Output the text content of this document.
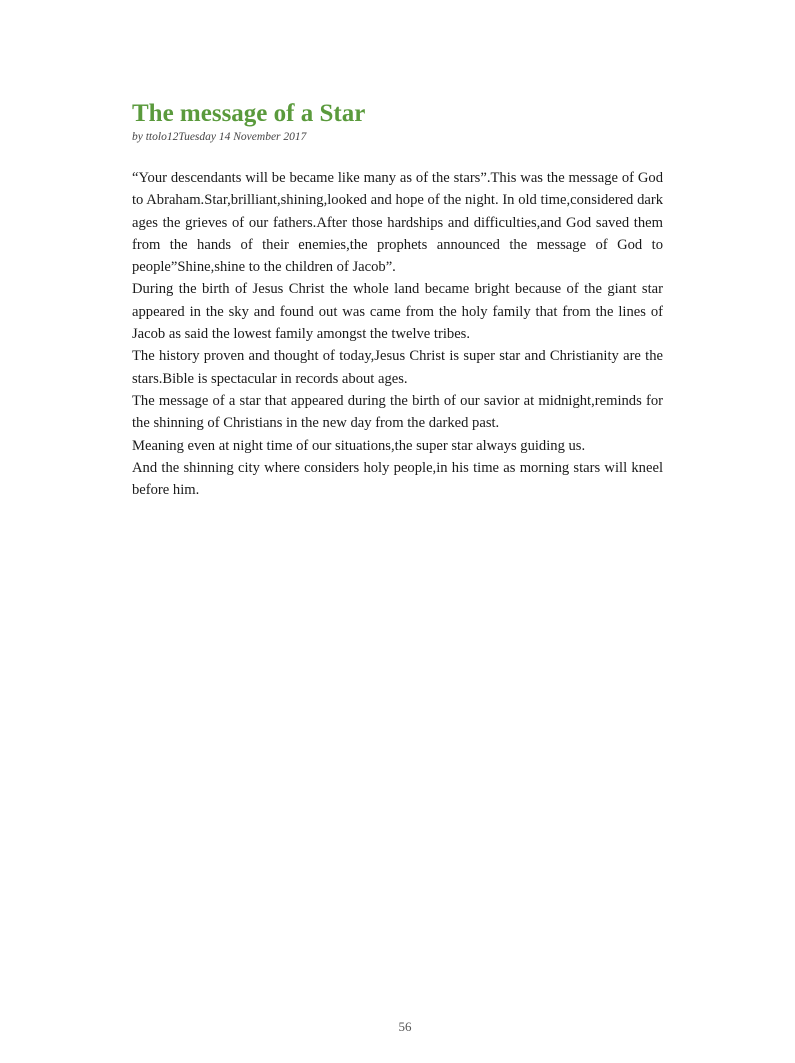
The message of a Star
by ttolo12Tuesday 14 November 2017

“Your descendants will be became like many as of the stars”.This was the message of God to Abraham.Star,brilliant,shining,looked and hope of the night. In old time,considered dark ages the grieves of our fathers.After those hardships and difficulties,and God saved them from the hands of their enemies,the prophets announced the message of God to people”Shine,shine to the children of Jacob”.

During the birth of Jesus Christ the whole land became bright because of the giant star appeared in the sky and found out was came from the holy family that from the lines of Jacob as said the lowest family amongst the twelve tribes.

The history proven and thought of today,Jesus Christ is super star and Christianity are the stars.Bible is spectacular in records about ages.

The message of a star that appeared during the birth of our savior at midnight,reminds for the shinning of Christians in the new day from the darked past.

Meaning even at night time of our situations,the super star always guiding us.

And the shinning city where considers holy people,in his time as morning stars will kneel before him.

56
